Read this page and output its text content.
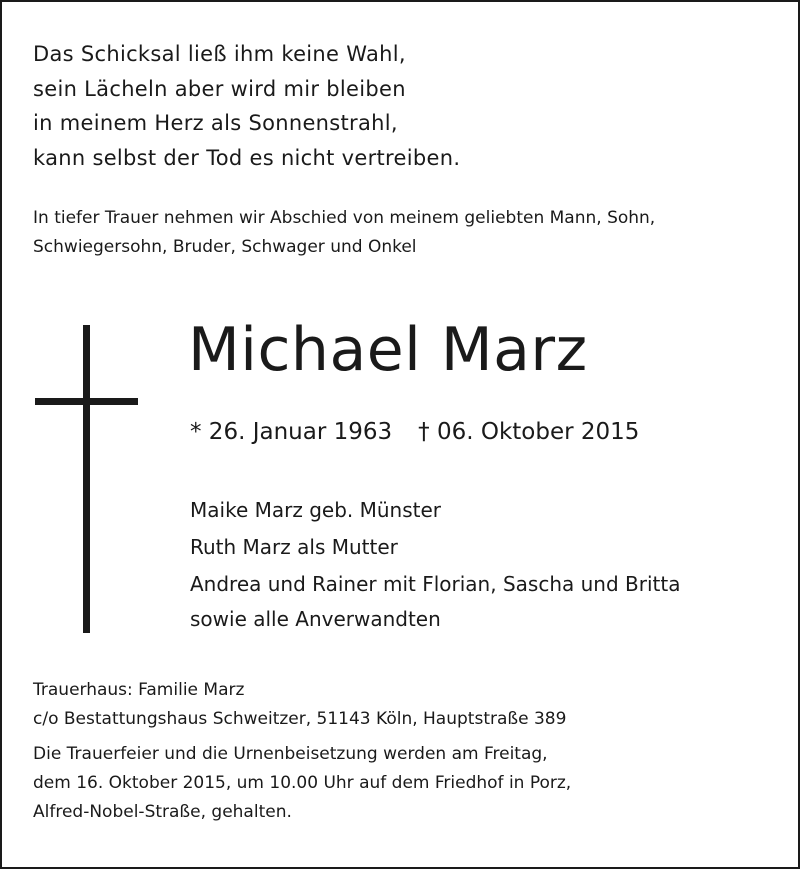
Das Schicksal ließ ihm keine Wahl,
sein Lächeln aber wird mir bleiben
in meinem Herz als Sonnenstrahl,
kann selbst der Tod es nicht vertreiben.
In tiefer Trauer nehmen wir Abschied von meinem geliebten Mann, Sohn,
Schwiegersohn, Bruder, Schwager und Onkel
Michael Marz
* 26. Januar 1963 † 06. Oktober 2015
Maike Marz geb. Münster
Ruth Marz als Mutter
Andrea und Rainer mit Florian, Sascha und Britta
sowie alle Anverwandten
Trauerhaus: Familie Marz
c/o Bestattungshaus Schweitzer, 51143 Köln, Hauptstraße 389
Die Trauerfeier und die Urnenbeisetzung werden am Freitag,
dem 16. Oktober 2015, um 10.00 Uhr auf dem Friedhof in Porz,
Alfred-Nobel-Straße, gehalten.
